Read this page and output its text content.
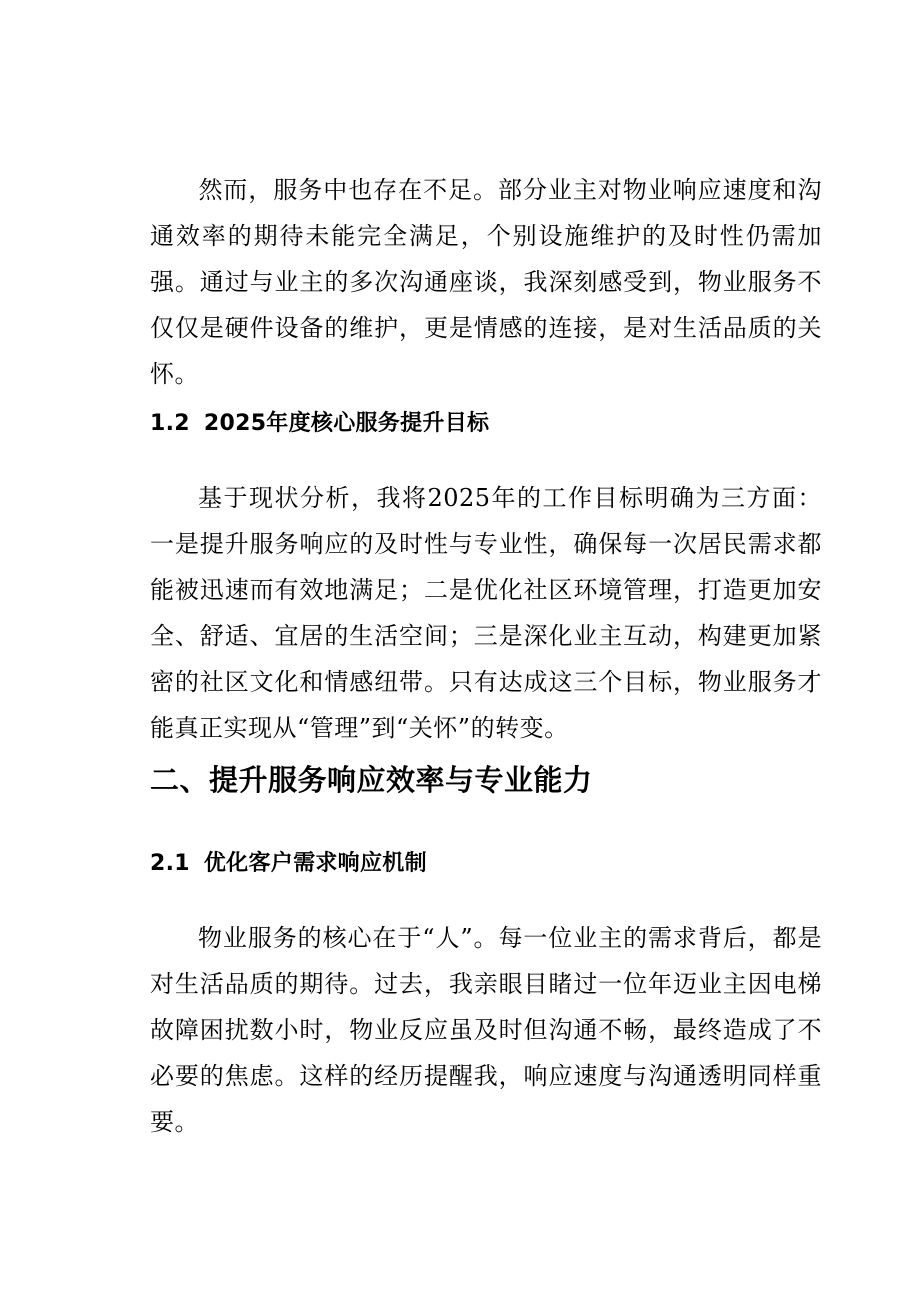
然而，服务中也存在不足。部分业主对物业响应速度和沟通效率的期待未能完全满足，个别设施维护的及时性仍需加强。通过与业主的多次沟通座谈，我深刻感受到，物业服务不仅仅是硬件设备的维护，更是情感的连接，是对生活品质的关怀。

1.2 2025年度核心服务提升目标

基于现状分析，我将2025年的工作目标明确为三方面：一是提升服务响应的及时性与专业性，确保每一次居民需求都能被迅速而有效地满足；二是优化社区环境管理，打造更加安全、舒适、宜居的生活空间；三是深化业主互动，构建更加紧密的社区文化和情感纽带。只有达成这三个目标，物业服务才能真正实现从“管理”到“关怀”的转变。

二、提升服务响应效率与专业能力
2.1 优化客户需求响应机制

物业服务的核心在于“人”。每一位业主的需求背后，都是对生活品质的期待。过去，我亲眼目睹过一位年迈业主因电梯故障困扰数小时，物业反应虽及时但沟通不畅，最终造成了不必要的焦虑。这样的经历提醒我，响应速度与沟通透明同样重要。
